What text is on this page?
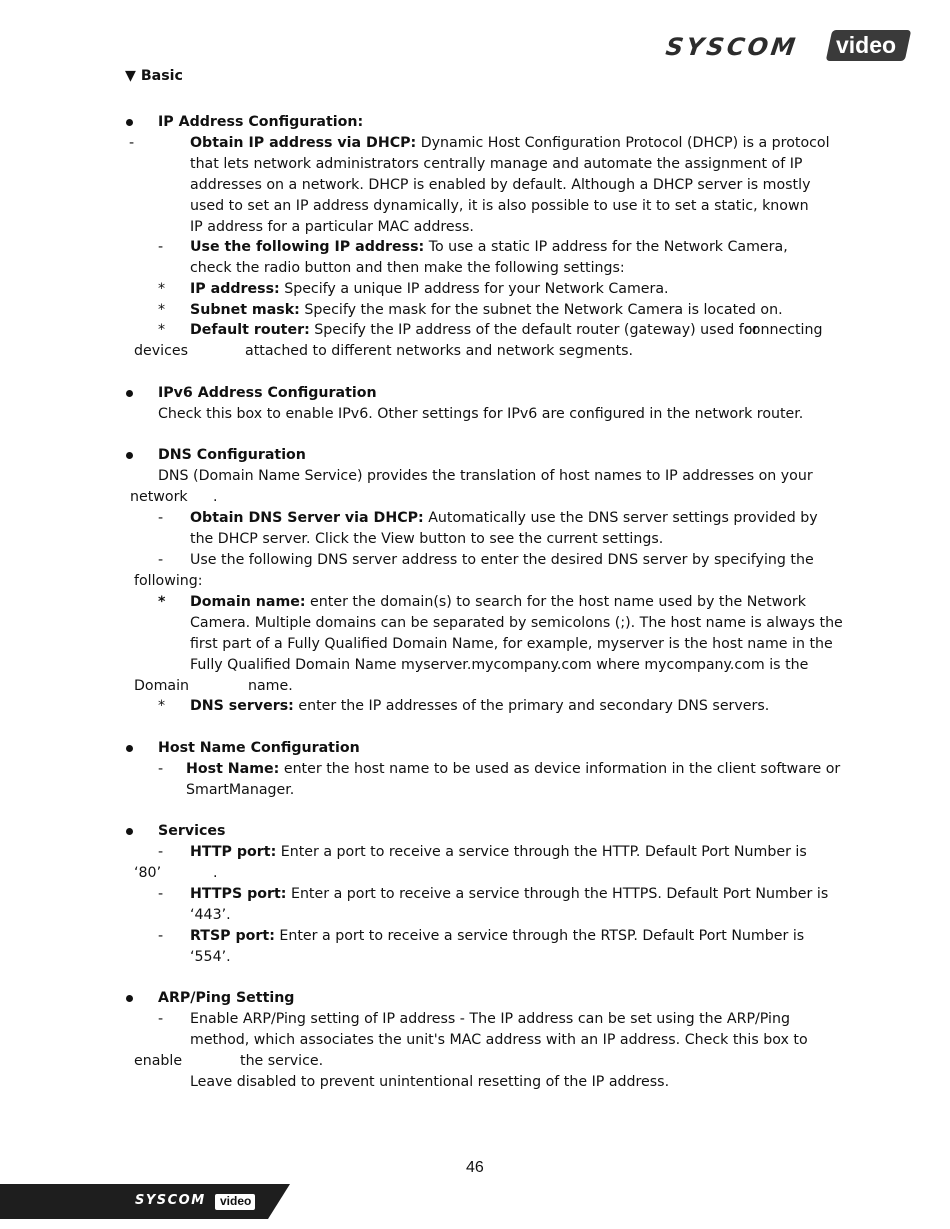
SYSCOM video
▼ Basic
IP Address Configuration:
-	Obtain IP address via DHCP: Dynamic Host Configuration Protocol (DHCP) is a protocol
that lets network administrators centrally manage and automate the assignment of IP
addresses on a network. DHCP is enabled by default. Although a DHCP server is mostly
used to set an IP address dynamically, it is also possible to use it to set a static, known
IP address for a particular MAC address.
- Use the following IP address: To use a static IP address for the Network Camera,
check the radio button and then make the following settings:
* IP address: Specify a unique IP address for your Network Camera.
* Subnet mask: Specify the mask for the subnet the Network Camera is located on.
* Default router: Specify the IP address of the default router (gateway) used for
connecting
devices	attached to different networks and network segments.
IPv6 Address Configuration
Check this box to enable IPv6. Other settings for IPv6 are configured in the network router.
DNS Configuration
DNS (Domain Name Service) provides the translation of host names to IP addresses on your
network .
- Obtain DNS Server via DHCP: Automatically use the DNS server settings provided by
the DHCP server. Click the View button to see the current settings.
- Use the following DNS server address to enter the desired DNS server by specifying the
following:
* Domain name: enter the domain(s) to search for the host name used by the Network
Camera. Multiple domains can be separated by semicolons (;). The host name is always the
first part of a Fully Qualified Domain Name, for example, myserver is the host name in the
Fully Qualified Domain Name myserver.mycompany.com where mycompany.com is the
Domain	name.
* DNS servers: enter the IP addresses of the primary and secondary DNS servers.
Host Name Configuration
- Host Name: enter the host name to be used as device information in the client software or
SmartManager.
Services
- HTTP port: Enter a port to receive a service through the HTTP. Default Port Number is
‘80’	.
- HTTPS port: Enter a port to receive a service through the HTTPS. Default Port Number is
‘443’.
- RTSP port: Enter a port to receive a service through the RTSP. Default Port Number is
‘554’.
ARP/Ping Setting
- Enable ARP/Ping setting of IP address - The IP address can be set using the ARP/Ping
method, which associates the unit's MAC address with an IP address. Check this box to
enable	the service.
Leave disabled to prevent unintentional resetting of the IP address.
46
SYSCOM video
